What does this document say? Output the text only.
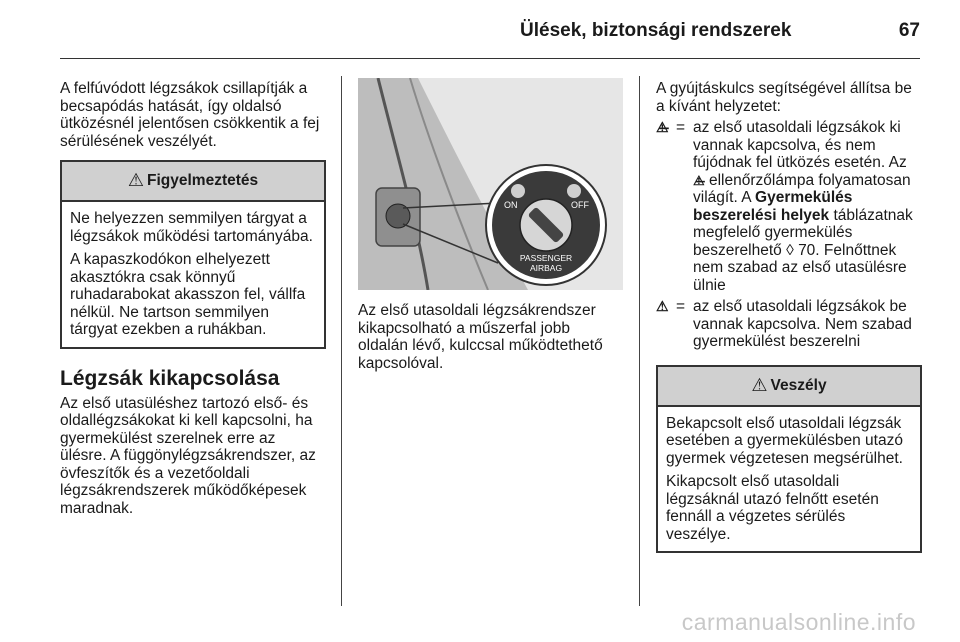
Ülések, biztonsági rendszerek	67

A felfúvódott légzsákok csillapítják a becsapódás hatását, így oldalsó ütközésnél jelentősen csökkentik a fej sérülésének veszélyét.

⚠ Figyelmeztetés

Ne helyezzen semmilyen tárgyat a légzsákok működési tartományába.

A kapaszkodókon elhelyezett akasztókra csak könnyű ruhadarabokat akasszon fel, vállfa nélkül. Ne tartson semmilyen tárgyat ezekben a ruhákban.

Légzsák kikapcsolása

Az első utasüléshez tartozó első- és oldallégzsákokat ki kell kapcsolni, ha gyermekülést szerelnek erre az ülésre. A függönylégzsákrendszer, az övfeszítők és a vezetőoldali légzsákrendszerek működőképesek maradnak.

ON	OFF
PASSENGER
AIRBAG

Az első utasoldali légzsákrendszer kikapcsolható a műszerfal jobb oldalán lévő, kulccsal működtethető kapcsolóval.

A gyújtáskulcs segítségével állítsa be a kívánt helyzetet:

⚠̶ = az első utasoldali légzsákok ki vannak kapcsolva, és nem fújódnak fel ütközés esetén. Az ⚠̶ ellenőrzőlámpa folyamatosan világít. A Gyermekülés beszerelési helyek táblázatnak megfelelő gyermekülés beszerelhető ◊ 70. Felnőttnek nem szabad az első utasülésre ülnie
⚠ = az első utasoldali légzsákok be vannak kapcsolva. Nem szabad gyermekülést beszerelni
⚠ Veszély

Bekapcsolt első utasoldali légzsák esetében a gyermekülésben utazó gyermek végzetesen megsérülhet.

Kikapcsolt első utasoldali légzsáknál utazó felnőtt esetén fennáll a végzetes sérülés veszélye.

carmanualsonline.info
